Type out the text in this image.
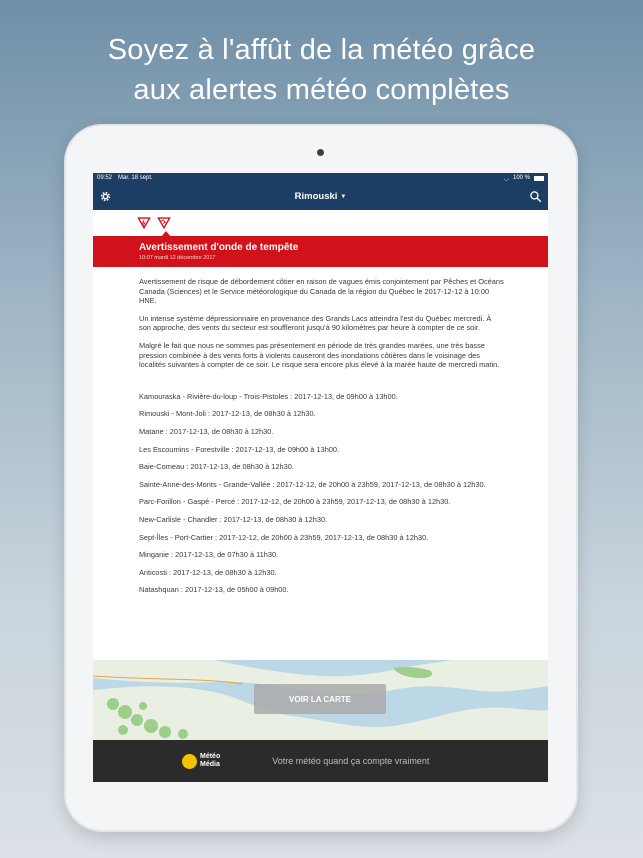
Soyez à l'affût de la météo grâce
aux alertes météo complètes
09:52 Mar. 18 sept.	◡ 100 %
Rimouski ▼
Avertissement d'onde de tempête
10:07 mardi 12 décembre 2017

Avertissement de risque de débordement côtier en raison de vagues émis conjointement par Pêches et Océans Canada (Sciences) et le Service météorologique du Canada de la région du Québec le 2017-12-12 à 10:00 HNE.

Un intense système dépressionnaire en provenance des Grands Lacs atteindra l'est du Québec mercredi. À son approche, des vents du secteur est souffleront jusqu'à 90 kilomètres par heure à compter de ce soir.

Malgré le fait que nous ne sommes pas présentement en période de très grandes marées, une très basse pression combinée à des vents forts à violents causeront des inondations côtières dans le voisinage des localités suivantes à compter de ce soir. Le risque sera encore plus élevé à la marée haute de mercredi matin.

Kamouraska - Rivière-du-loup - Trois-Pistoles : 2017-12-13, de 09h00 à 13h00.

Rimouski - Mont-Joli : 2017-12-13, de 08h30 à 12h30.

Matane : 2017-12-13, de 08h30 à 12h30.

Les Escoumins - Forestville : 2017-12-13, de 09h00 à 13h00.

Baie-Comeau : 2017-12-13, de 08h30 à 12h30.

Sainte-Anne-des-Monts - Grande-Vallée : 2017-12-12, de 20h00 à 23h59, 2017-12-13, de 08h30 à 12h30.

Parc-Forillon - Gaspé - Percé : 2017-12-12, de 20h00 à 23h59, 2017-12-13, de 08h30 à 12h30.

New-Carlisle - Chandler : 2017-12-13, de 08h30 à 12h30.

Sept-Îles - Port-Cartier : 2017-12-12, de 20h00 à 23h59, 2017-12-13, de 08h30 à 12h30.

Minganie : 2017-12-13, de 07h30 à 11h30.

Anticosti : 2017-12-13, de 08h30 à 12h30.

Natashquan : 2017-12-13, de 05h00 à 09h00.

VOIR LA CARTE
Météo
Média	Votre météo quand ça compte vraiment
